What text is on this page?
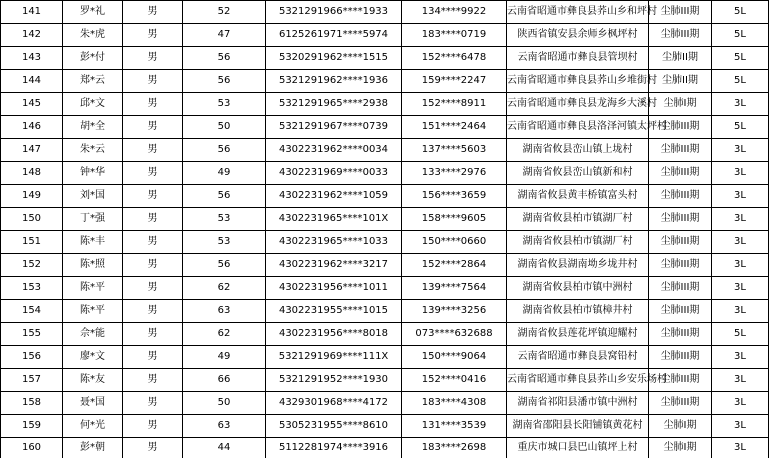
141	罗*礼	男	52	5321291966****1933	134****9922	云南省昭通市彝良县荞山乡和坪村	尘肺III期	5L
142	朱*虎	男	47	6125261971****5974	183****0719	陕西省镇安县余师乡枫坪村	尘肺III期	5L
143	彭*付	男	56	5320291962****1515	152****6478	云南省昭通市彝良县管坝村	尘肺II期	5L
144	郑*云	男	56	5321291962****1936	159****2247	云南省昭通市彝良县荞山乡堆街村	尘肺II期	5L
145	邱*文	男	53	5321291965****2938	152****8911	云南省昭通市彝良县龙海乡大溪村	尘肺I期	3L
146	胡*全	男	50	5321291967****0739	151****2464	云南省昭通市彝良县洛泽河镇太坪村	尘肺III期	5L
147	朱*云	男	56	4302231962****0034	137****5603	湖南省攸县峦山镇上垅村	尘肺III期	3L
148	钟*华	男	49	4302231969****0033	133****2976	湖南省攸县峦山镇新和村	尘肺III期	3L
149	刘*国	男	56	4302231962****1059	156****3659	湖南省攸县黄丰桥镇富头村	尘肺III期	3L
150	丁*强	男	53	4302231965****101X	158****9605	湖南省攸县柏市镇湖厂村	尘肺III期	3L
151	陈*丰	男	53	4302231965****1033	150****0660	湖南省攸县柏市镇湖厂村	尘肺III期	3L
152	陈*照	男	56	4302231962****3217	152****2864	湖南省攸县湖南坳乡垅井村	尘肺III期	3L
153	陈*平	男	62	4302231956****1011	139****7564	湖南省攸县柏市镇中洲村	尘肺III期	3L
154	陈*平	男	63	4302231955****1015	139****3256	湖南省攸县柏市镇樟井村	尘肺III期	3L
155	佘*能	男	62	4302231956****8018	073****632688	湖南省攸县莲花坪镇迎耀村	尘肺III期	5L
156	廖*文	男	49	5321291969****111X	150****9064	云南省昭通市彝良县窝铅村	尘肺III期	3L
157	陈*友	男	66	5321291952****1930	152****0416	云南省昭通市彝良县荞山乡安乐场村	尘肺III期	3L
158	聂*国	男	50	4329301968****4172	183****4308	湖南省祁阳县潘市镇中洲村	尘肺III期	3L
159	何*光	男	63	5305231955****8610	131****3539	湖南省邵阳县长阳铺镇黄花村	尘肺I期	3L
160	彭*朝	男	44	5112281974****3916	183****2698	重庆市城口县巴山镇坪上村	尘肺I期	3L
